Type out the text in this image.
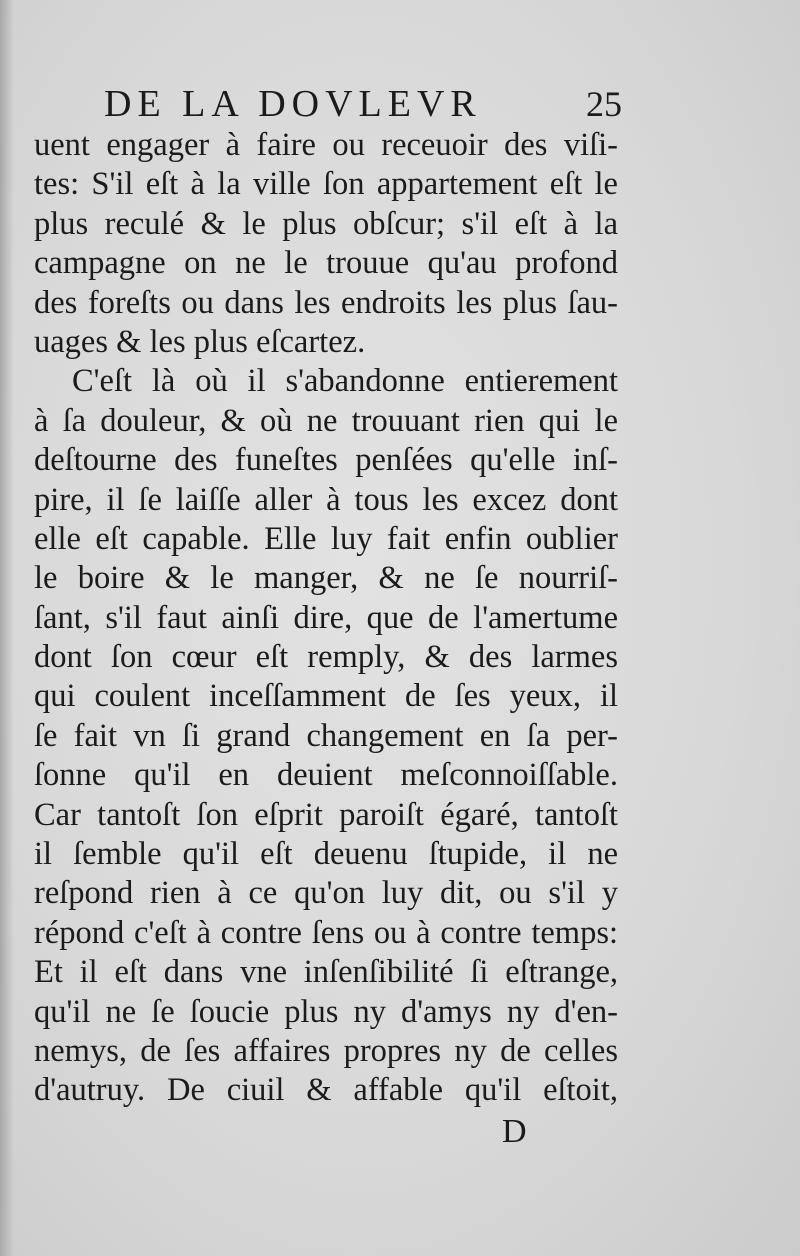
DE LA DOVLEVR	25
uent engager à faire ou receuoir des viſi-
tes: S'il eſt à la ville ſon appartement eſt le
plus reculé & le plus obſcur; s'il eſt à la
campagne on ne le trouue qu'au profond
des foreſts ou dans les endroits les plus ſau-
uages & les plus eſcartez.
C'eſt là où il s'abandonne entierement
à ſa douleur, & où ne trouuant rien qui le
deſtourne des funeſtes penſées qu'elle inſ-
pire, il ſe laiſſe aller à tous les excez dont
elle eſt capable. Elle luy fait enfin oublier
le boire & le manger, & ne ſe nourriſ-
ſant, s'il faut ainſi dire, que de l'amertume
dont ſon cœur eſt remply, & des larmes
qui coulent inceſſamment de ſes yeux, il
ſe fait vn ſi grand changement en ſa per-
ſonne qu'il en deuient meſconnoiſſable.
Car tantoſt ſon eſprit paroiſt égaré, tantoſt
il ſemble qu'il eſt deuenu ſtupide, il ne
reſpond rien à ce qu'on luy dit, ou s'il y
répond c'eſt à contre ſens ou à contre temps:
Et il eſt dans vne inſenſibilité ſi eſtrange,
qu'il ne ſe ſoucie plus ny d'amys ny d'en-
nemys, de ſes affaires propres ny de celles
d'autruy. De ciuil & affable qu'il eſtoit,
D
